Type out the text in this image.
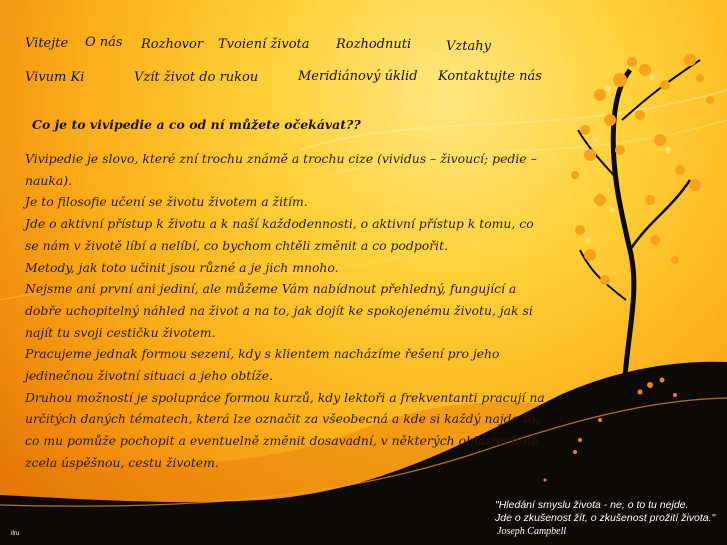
Vitejte O nás Rozhovor Tvoiení života Rozhodnuti	Vztahy
Vivum Ki	Vzít život do rukou	Meridiánový úklid Kontaktujte nás
Co je to vivipedie a co od ní můžete očekávat??

Vivipedie je slovo, které zní trochu známě a trochu cize (vividus – živoucí; pedie – nauka).

Je to filosofie učení se životu životem a žitím.

Jde o aktivní přístup k životu a k naší každodennosti, o aktivní přístup k tomu, co se nám v životě líbí a nelíbí, co bychom chtěli změnit a co podpořit.

Metody, jak toto učinit jsou různé a je jich mnoho.

Nejsme ani první ani jediní, ale můžeme Vám nabídnout přehledný, fungující a dobře uchopitelný náhled na život a na to, jak dojít ke spokojenému životu, jak si najít tu svoji cestičku životem.

Pracujeme jednak formou sezení, kdy s klientem nacházíme řešení pro jeho jedinečnou životní situaci a jeho obtíže.

Druhou možností je spolupráce formou kurzů, kdy lektoři a frekventanti pracují na určitých daných tématech, která lze označit za všeobecná a kde si každý najde to, co mu pomůže pochopit a eventuelně změnit dosavadní, v některých oblastech ne zcela úspěšnou, cestu životem.

"Hledání smyslu života - ne, o to tu nejde.
Jde o zkušenost žít, o zkušenost prožití života."
Joseph Campbell
ifru
